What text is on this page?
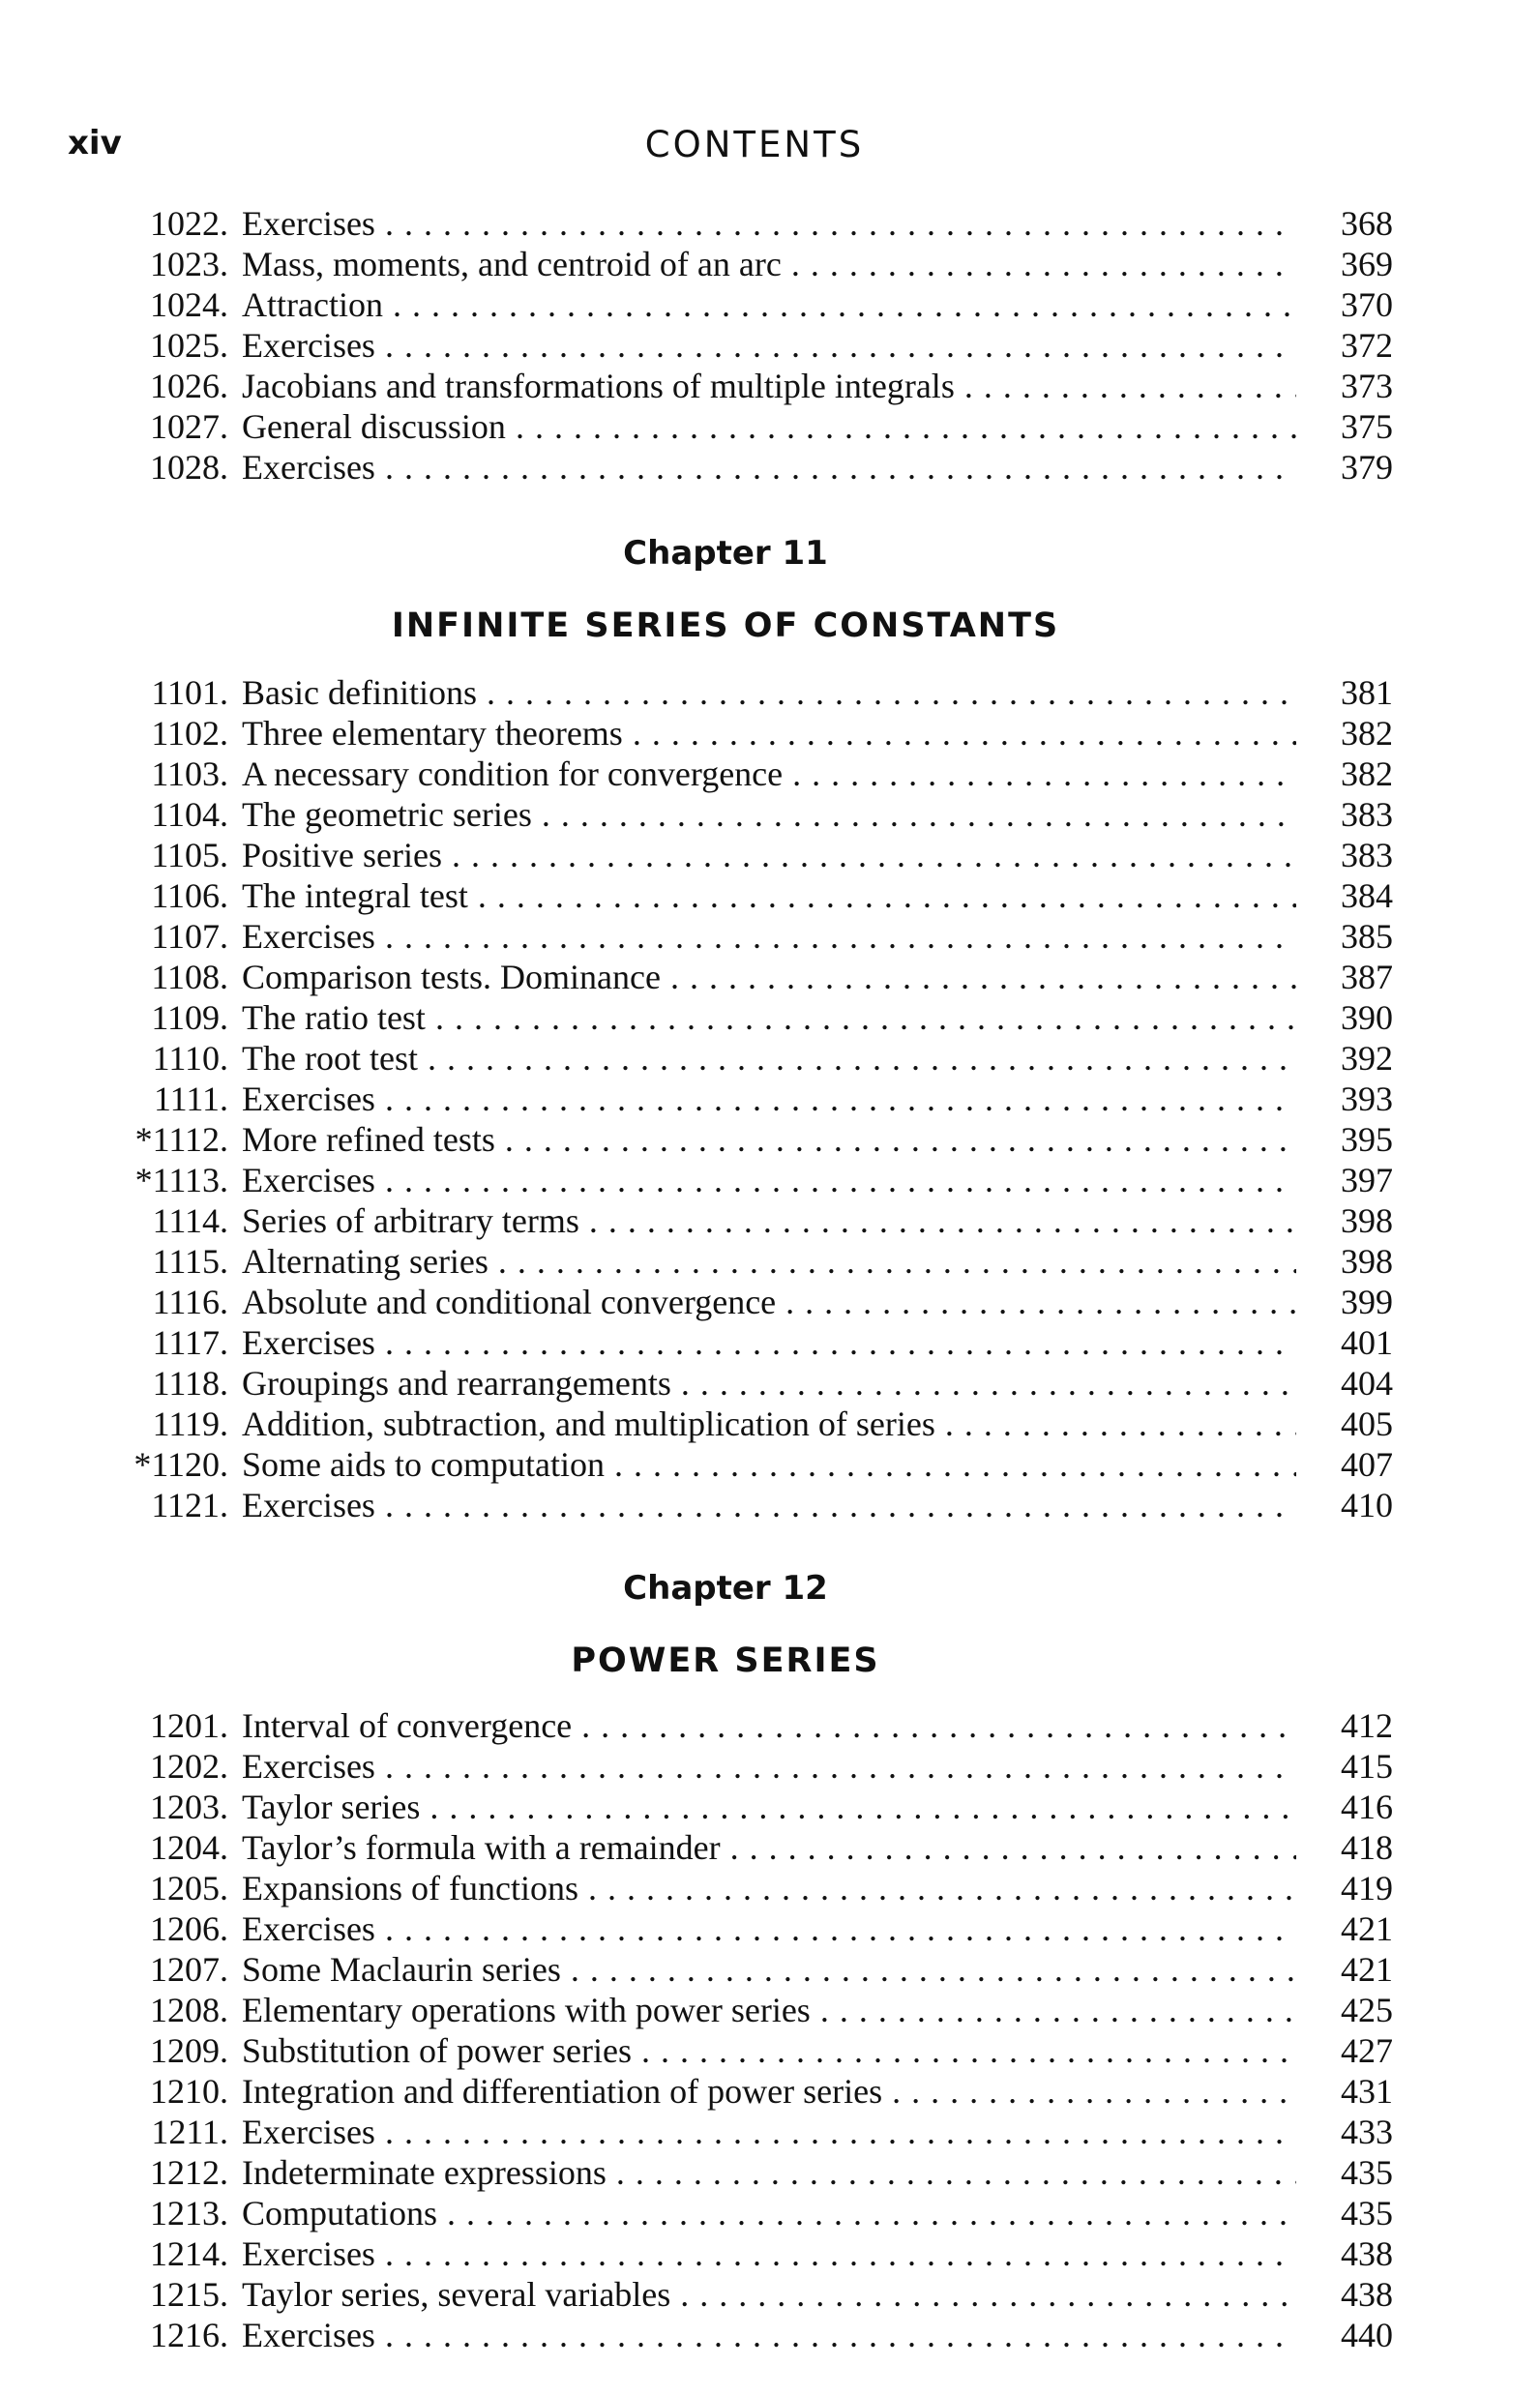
xiv	CONTENTS
1022. Exercises . . .	368
1023. Mass, moments, and centroid of an arc . . .	369
1024. Attraction . . .	370
1025. Exercises . . .	372
1026. Jacobians and transformations of multiple integrals . . .	373
1027. General discussion . . .	375
1028. Exercises . . .	379
Chapter 11
INFINITE SERIES OF CONSTANTS
1101. Basic definitions . . .	381
1102. Three elementary theorems . . .	382
1103. A necessary condition for convergence . . .	382
1104. The geometric series . . .	383
1105. Positive series . . .	383
1106. The integral test . . .	384
1107. Exercises . . .	385
1108. Comparison tests. Dominance . . .	387
1109. The ratio test . . .	390
1110. The root test . . .	392
1111. Exercises . . .	393
*1112. More refined tests . . .	395
*1113. Exercises . . .	397
1114. Series of arbitrary terms . . .	398
1115. Alternating series . . .	398
1116. Absolute and conditional convergence . . .	399
1117. Exercises . . .	401
1118. Groupings and rearrangements . . .	404
1119. Addition, subtraction, and multiplication of series . . .	405
*1120. Some aids to computation . . .	407
1121. Exercises . . .	410
Chapter 12
POWER SERIES
1201. Interval of convergence . . .	412
1202. Exercises . . .	415
1203. Taylor series . . .	416
1204. Taylor’s formula with a remainder . . .	418
1205. Expansions of functions . . .	419
1206. Exercises . . .	421
1207. Some Maclaurin series . . .	421
1208. Elementary operations with power series . . .	425
1209. Substitution of power series . . .	427
1210. Integration and differentiation of power series . . .	431
1211. Exercises . . .	433
1212. Indeterminate expressions . . .	435
1213. Computations . . .	435
1214. Exercises . . .	438
1215. Taylor series, several variables . . .	438
1216. Exercises . . .	440
